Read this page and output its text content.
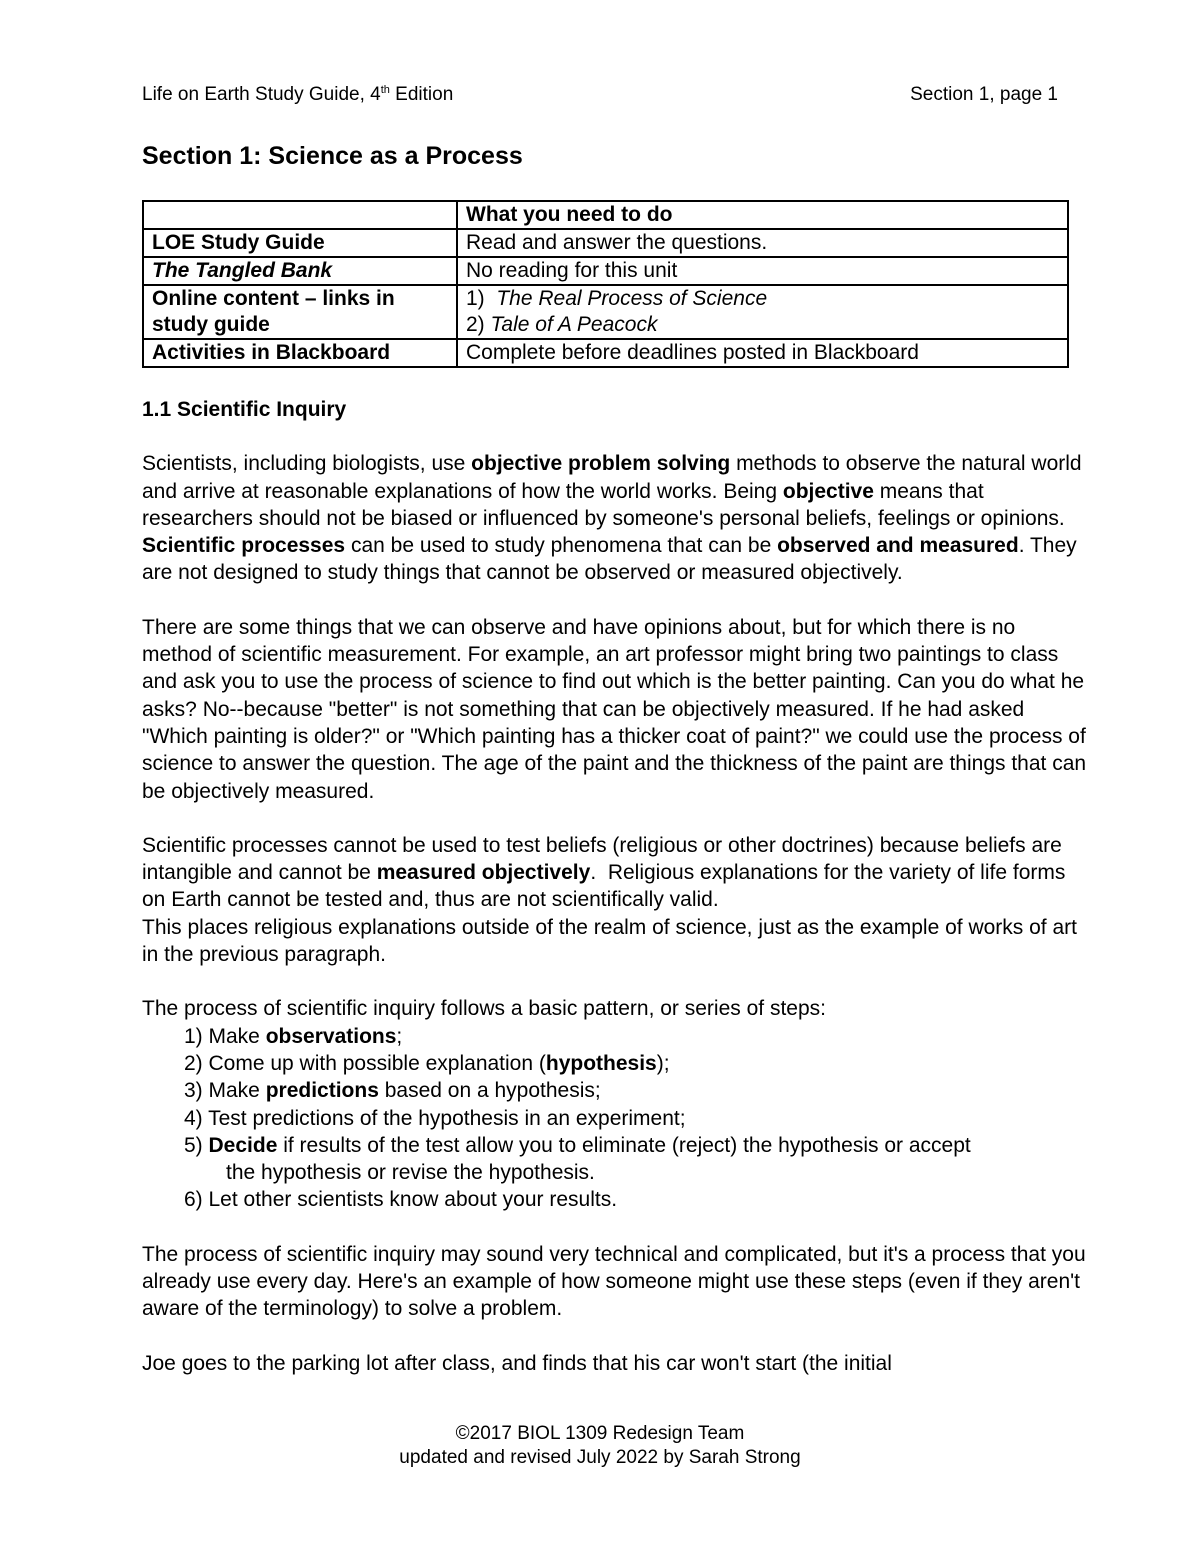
Life on Earth Study Guide, 4th Edition	Section 1, page 1
Section 1: Science as a Process
	What you need to do
LOE Study Guide	Read and answer the questions.
The Tangled Bank	No reading for this unit
Online content – links in study guide	1)  The Real Process of Science
2) Tale of A Peacock

Activities in Blackboard	Complete before deadlines posted in Blackboard
1.1 Scientific Inquiry

Scientists, including biologists, use objective problem solving methods to observe the natural world and arrive at reasonable explanations of how the world works. Being objective means that researchers should not be biased or influenced by someone's personal beliefs, feelings or opinions. Scientific processes can be used to study phenomena that can be observed and measured. They are not designed to study things that cannot be observed or measured objectively.

There are some things that we can observe and have opinions about, but for which there is no method of scientific measurement. For example, an art professor might bring two paintings to class and ask you to use the process of science to find out which is the better painting. Can you do what he asks? No--because "better" is not something that can be objectively measured. If he had asked "Which painting is older?" or "Which painting has a thicker coat of paint?" we could use the process of science to answer the question. The age of the paint and the thickness of the paint are things that can be objectively measured.

Scientific processes cannot be used to test beliefs (religious or other doctrines) because beliefs are intangible and cannot be measured objectively.  Religious explanations for the variety of life forms on Earth cannot be tested and, thus are not scientifically valid.
This places religious explanations outside of the realm of science, just as the example of works of art in the previous paragraph.

The process of scientific inquiry follows a basic pattern, or series of steps:
1) Make observations;
2) Come up with possible explanation (hypothesis);
3) Make predictions based on a hypothesis;
4) Test predictions of the hypothesis in an experiment;
5) Decide if results of the test allow you to eliminate (reject) the hypothesis or accept
the hypothesis or revise the hypothesis.
6) Let other scientists know about your results.

The process of scientific inquiry may sound very technical and complicated, but it's a process that you already use every day. Here's an example of how someone might use these steps (even if they aren't aware of the terminology) to solve a problem.

Joe goes to the parking lot after class, and finds that his car won't start (the initial

©2017 BIOL 1309 Redesign Team
updated and revised July 2022 by Sarah Strong
